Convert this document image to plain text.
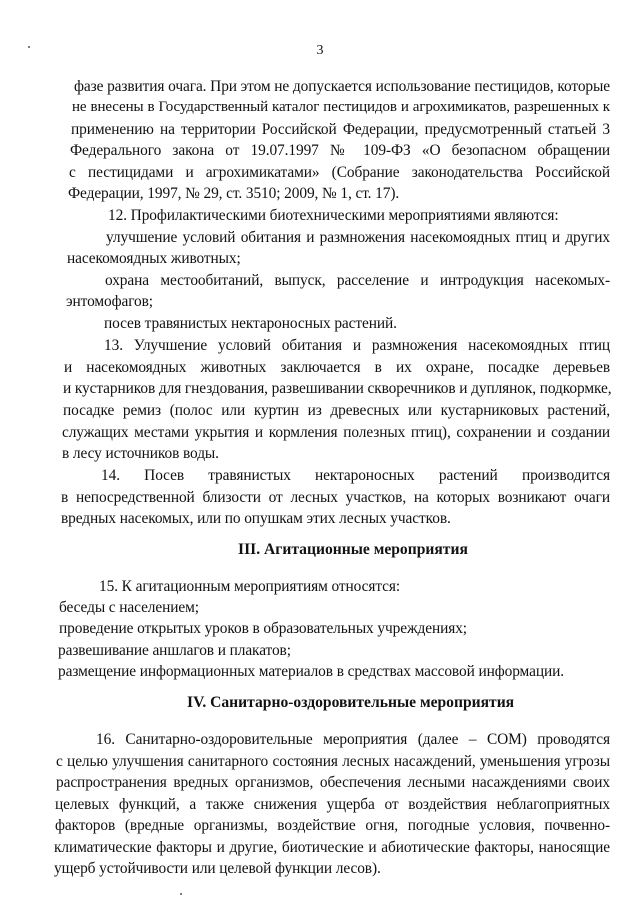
3
фазе развития очага. При этом не допускается использование пестицидов, которые
не внесены в Государственный каталог пестицидов и агрохимикатов, разрешенных к
применению на территории Российской Федерации, предусмотренный статьей 3
Федерального закона от 19.07.1997 № 109-ФЗ «О безопасном обращении
с пестицидами и агрохимикатами» (Собрание законодательства Российской
Федерации, 1997, № 29, ст. 3510; 2009, № 1, ст. 17).
12. Профилактическими биотехническими мероприятиями являются:
улучшение условий обитания и размножения насекомоядных птиц и других
насекомоядных животных;
охрана местообитаний, выпуск, расселение и интродукция насекомых-
энтомофагов;
посев травянистых нектароносных растений.
13. Улучшение условий обитания и размножения насекомоядных птиц
и насекомоядных животных заключается в их охране, посадке деревьев
и кустарников для гнездования, развешивании скворечников и дуплянок, подкормке,
посадке ремиз (полос или куртин из древесных или кустарниковых растений,
служащих местами укрытия и кормления полезных птиц), сохранении и создании
в лесу источников воды.
14. Посев травянистых нектароносных растений производится
в непосредственной близости от лесных участков, на которых возникают очаги
вредных насекомых, или по опушкам этих лесных участков.
III. Агитационные мероприятия
15. К агитационным мероприятиям относятся:
беседы с населением;
проведение открытых уроков в образовательных учреждениях;
развешивание аншлагов и плакатов;
размещение информационных материалов в средствах массовой информации.
IV. Санитарно-оздоровительные мероприятия
16. Санитарно-оздоровительные мероприятия (далее – СОМ) проводятся
с целью улучшения санитарного состояния лесных насаждений, уменьшения угрозы
распространения вредных организмов, обеспечения лесными насаждениями своих
целевых функций, а также снижения ущерба от воздействия неблагоприятных
факторов (вредные организмы, воздействие огня, погодные условия, почвенно-
климатические факторы и другие, биотические и абиотические факторы, наносящие
ущерб устойчивости или целевой функции лесов).
